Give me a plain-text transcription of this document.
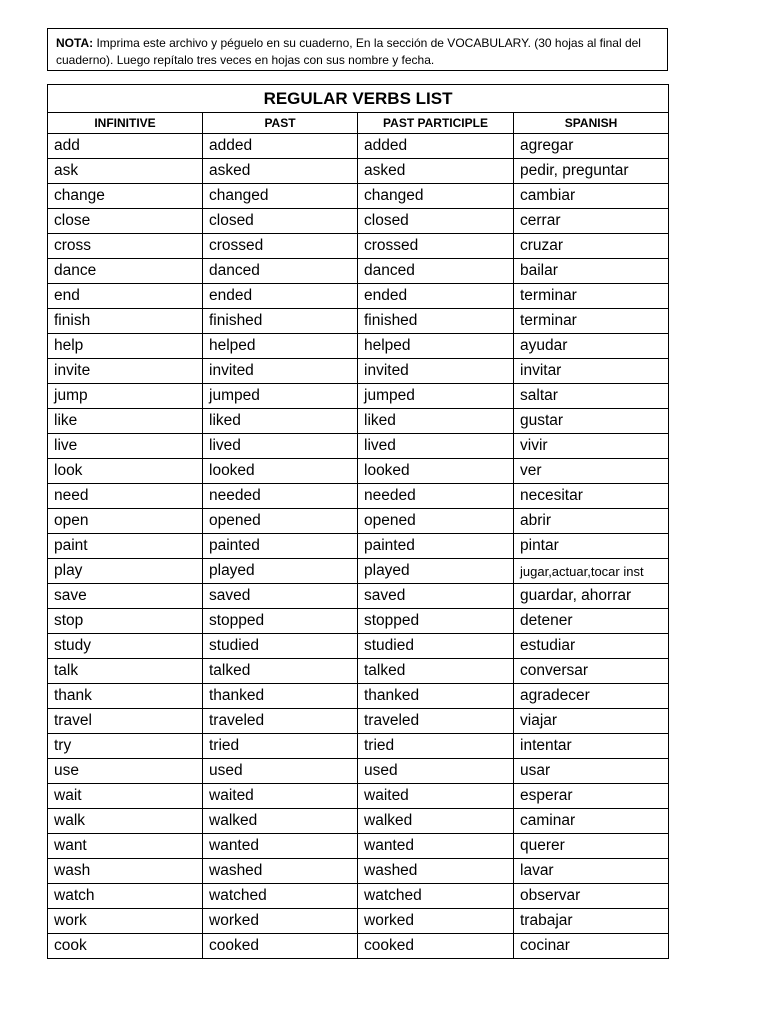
NOTA: Imprima este archivo y péguelo en su cuaderno, En la sección de VOCABULARY. (30 hojas al final del cuaderno). Luego repítalo tres veces en hojas con sus nombre y fecha.
REGULAR VERBS LIST			
INFINITIVE	PAST	PAST PARTICIPLE	SPANISH
add	added	added	agregar
ask	asked	asked	pedir, preguntar
change	changed	changed	cambiar
close	closed	closed	cerrar
cross	crossed	crossed	cruzar
dance	danced	danced	bailar
end	ended	ended	terminar
finish	finished	finished	terminar
help	helped	helped	ayudar
invite	invited	invited	invitar
jump	jumped	jumped	saltar
like	liked	liked	gustar
live	lived	lived	vivir
look	looked	looked	ver
need	needed	needed	necesitar
open	opened	opened	abrir
paint	painted	painted	pintar
play	played	played	jugar,actuar,tocar inst
save	saved	saved	guardar, ahorrar
stop	stopped	stopped	detener
study	studied	studied	estudiar
talk	talked	talked	conversar
thank	thanked	thanked	agradecer
travel	traveled	traveled	viajar
try	tried	tried	intentar
use	used	used	usar
wait	waited	waited	esperar
walk	walked	walked	caminar
want	wanted	wanted	querer
wash	washed	washed	lavar
watch	watched	watched	observar
work	worked	worked	trabajar
cook	cooked	cooked	cocinar
